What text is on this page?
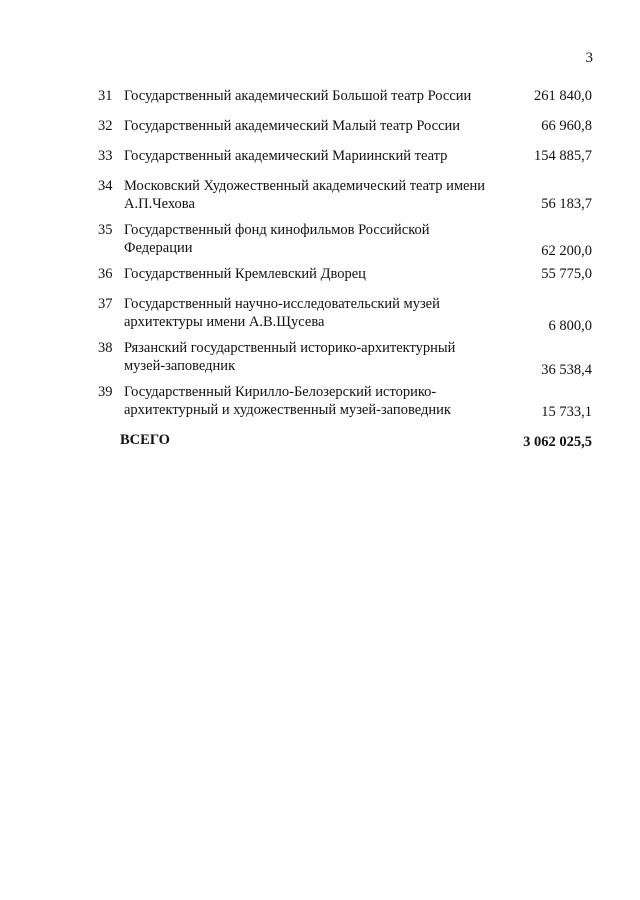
3
31 Государственный академический Большой театр России	261 840,0
32 Государственный академический Малый театр России	66 960,8
33 Государственный академический Мариинский театр	154 885,7
34 Московский Художественный академический театр имени А.П.Чехова	56 183,7
35 Государственный фонд кинофильмов Российской Федерации	62 200,0
36 Государственный Кремлевский Дворец	55 775,0
37 Государственный научно-исследовательский музей архитектуры имени А.В.Щусева	6 800,0
38 Рязанский государственный историко-архитектурный музей-заповедник	36 538,4
39 Государственный Кирилло-Белозерский историко-архитектурный и художественный музей-заповедник	15 733,1
ВСЕГО	3 062 025,5
